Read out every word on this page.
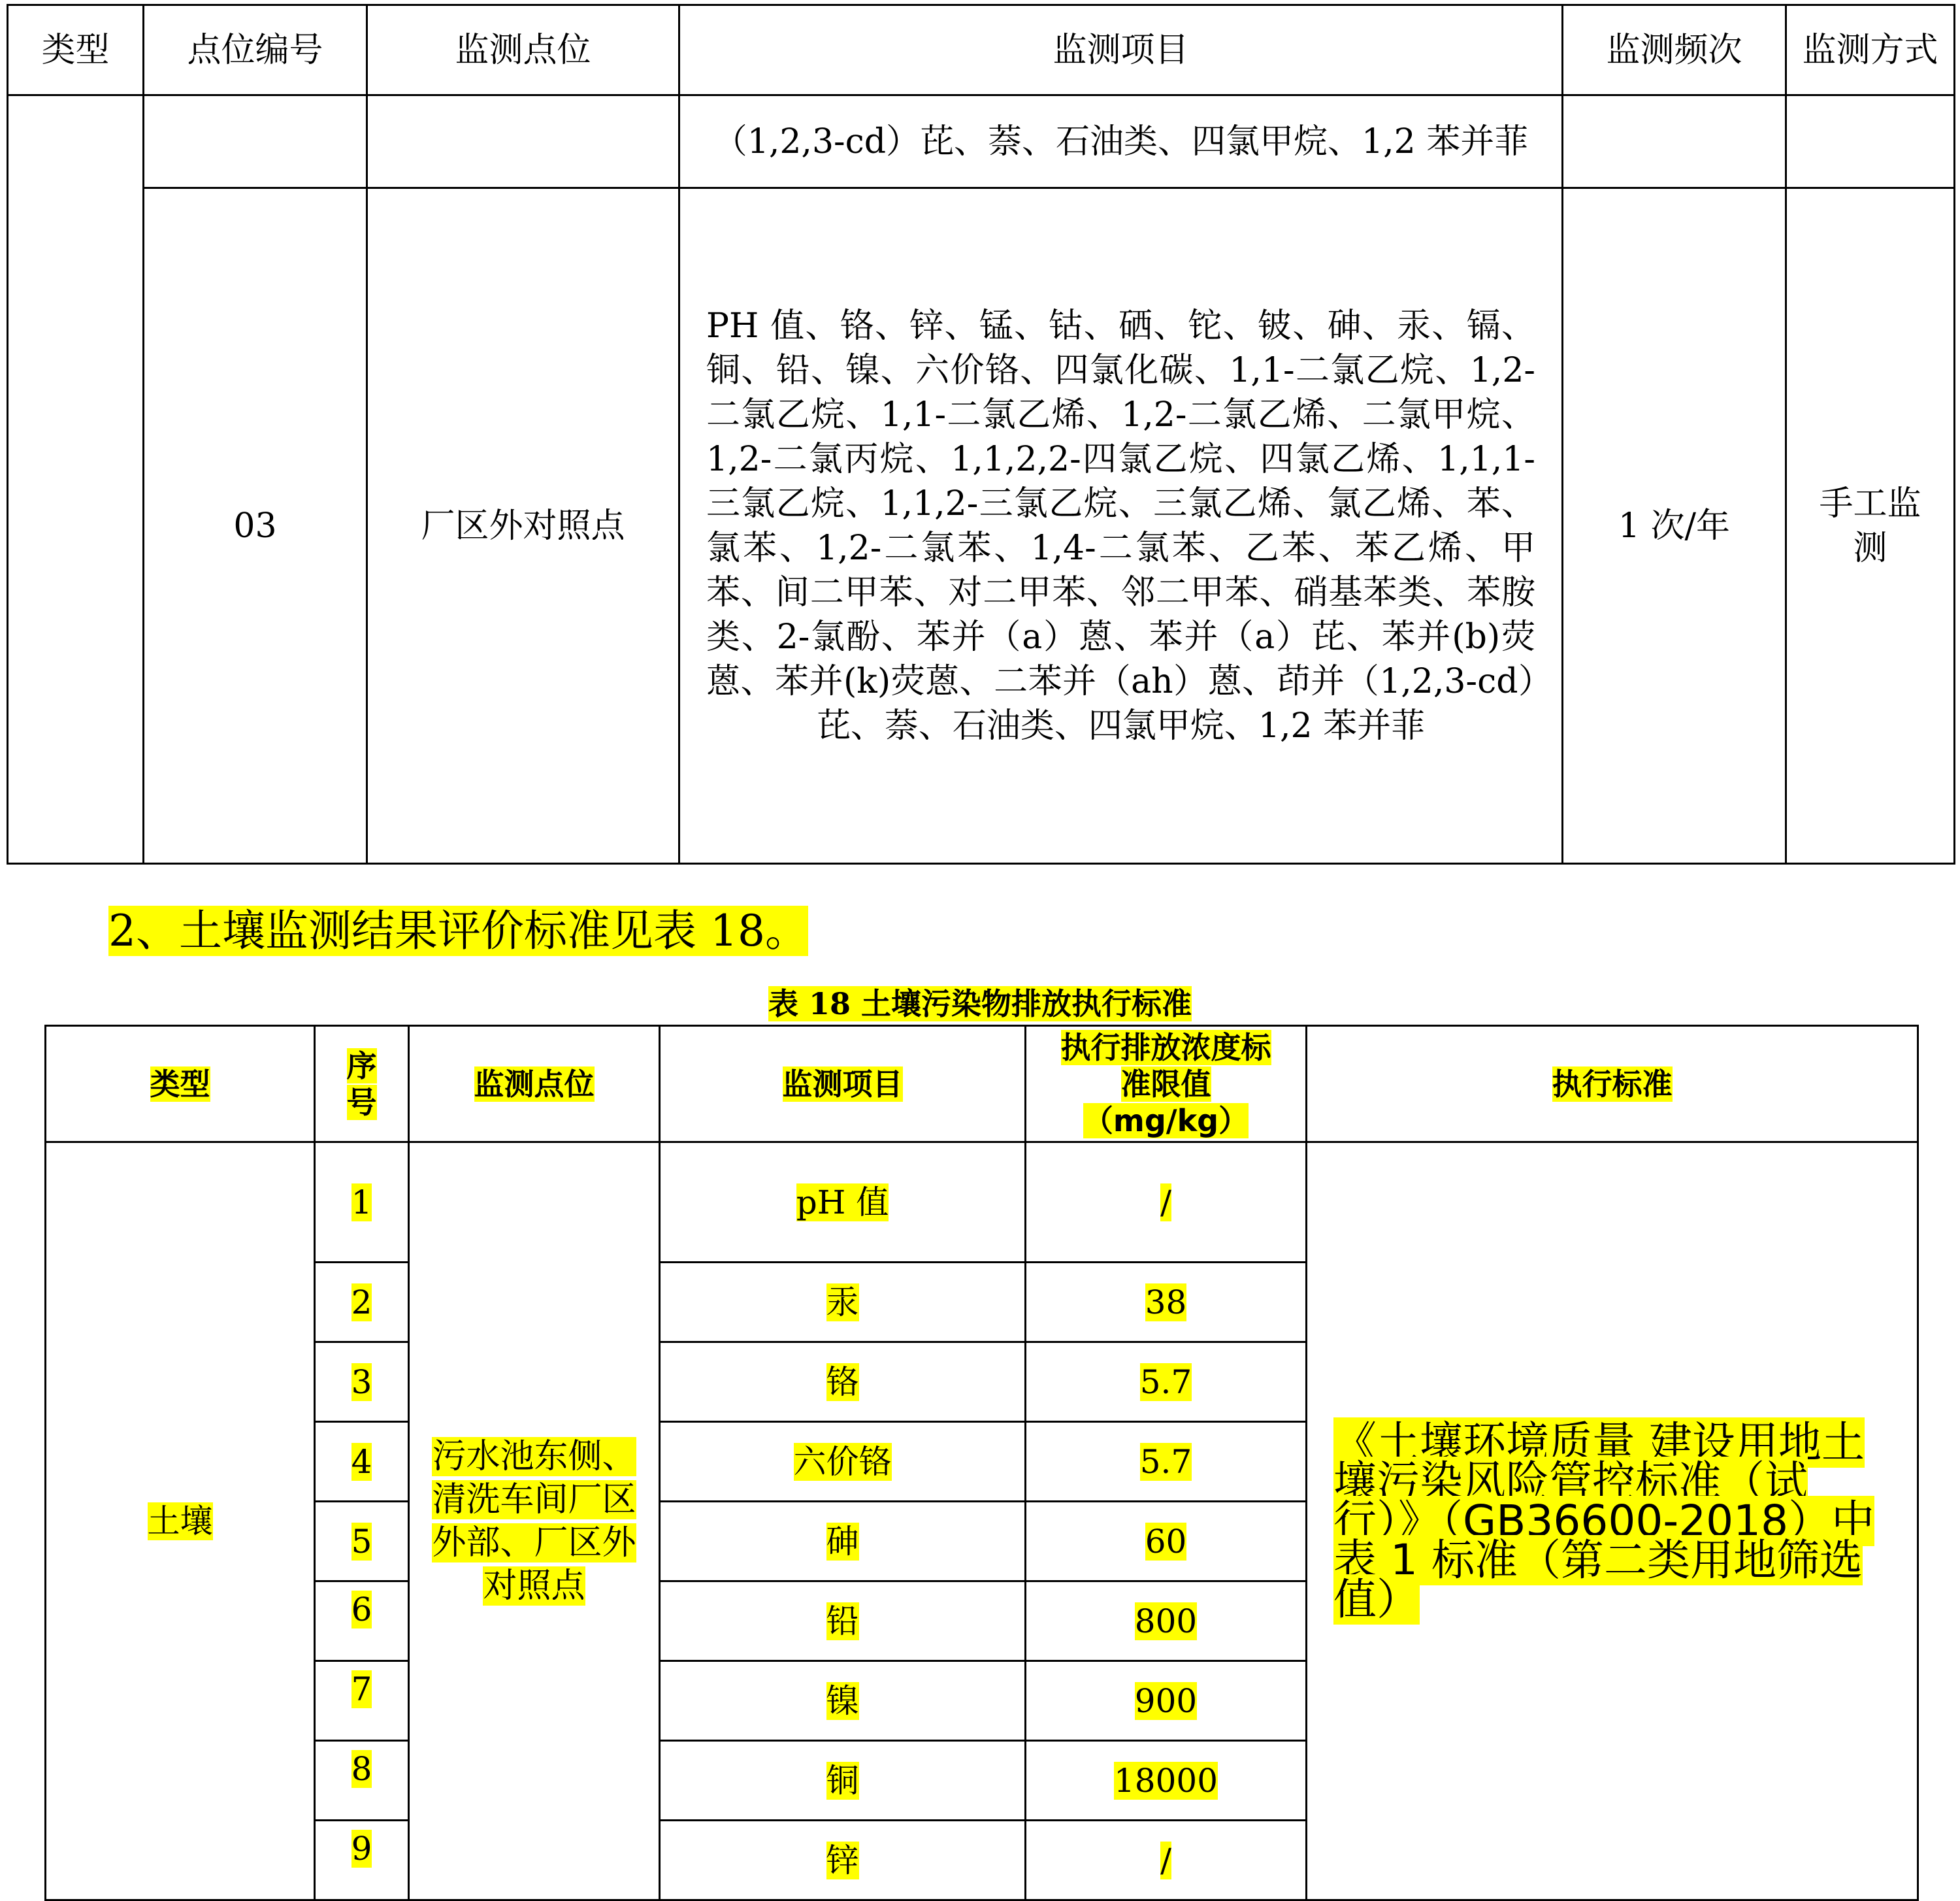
类型	点位编号	监测点位	监测项目	监测频次	监测方式
			（1,2,3-cd）芘、萘、石油类、四氯甲烷、1,2 苯并菲		
	03	厂区外对照点	PH 值、铬、锌、锰、钴、硒、铊、铍、砷、汞、镉、铜、铅、镍、六价铬、四氯化碳、1,1-二氯乙烷、1,2-二氯乙烷、1,1-二氯乙烯、1,2-二氯乙烯、二氯甲烷、1,2-二氯丙烷、1,1,2,2-四氯乙烷、四氯乙烯、1,1,1-三氯乙烷、1,1,2-三氯乙烷、三氯乙烯、氯乙烯、苯、氯苯、1,2-二氯苯、1,4-二氯苯、乙苯、苯乙烯、甲苯、间二甲苯、对二甲苯、邻二甲苯、硝基苯类、苯胺类、2-氯酚、苯并（a）蒽、苯并（a）芘、苯并(b)荧蒽、苯并(k)荧蒽、二苯并（ah）蒽、茚并（1,2,3-cd）芘、萘、石油类、四氯甲烷、1,2 苯并菲	1 次/年	手工监测
2、土壤监测结果评价标准见表 18。
表 18 土壤污染物排放执行标准
类型	序号	监测点位	监测项目	执行排放浓度标准限值（mg/kg）	执行标准
土壤	1	污水池东侧、清洗车间厂区外部、厂区外对照点	pH 值	/	《土壤环境质量 建设用地土壤污染风险管控标准（试行）》（GB36600-2018）中表 1 标准（第二类用地筛选值）
	2		汞	38	
	3		铬	5.7	
	4		六价铬	5.7	
	5		砷	60	
	6		铅	800	
	7		镍	900	
	8		铜	18000	
	9		锌	/	
